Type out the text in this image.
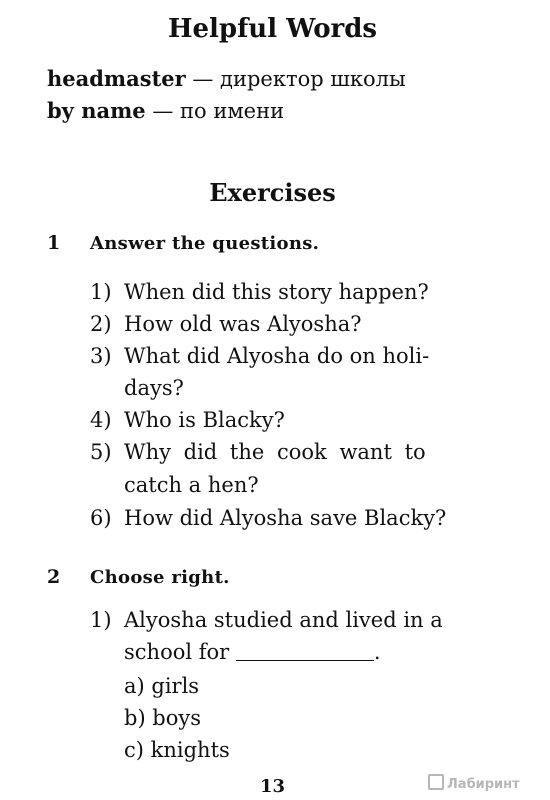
Helpful Words
headmaster — директор школы
by name — по имени
Exercises
1 Answer the questions.
1) When did this story happen?
2) How old was Alyosha?
3) What did Alyosha do on holi-
days?
4) Who is Blacky?
5) Why did the cook want to
catch a hen?
6) How did Alyosha save Blacky?
2 Choose right.
1) Alyosha studied and lived in a
school for	.
a) girls
b) boys
c) knights
13	Лабиринт
